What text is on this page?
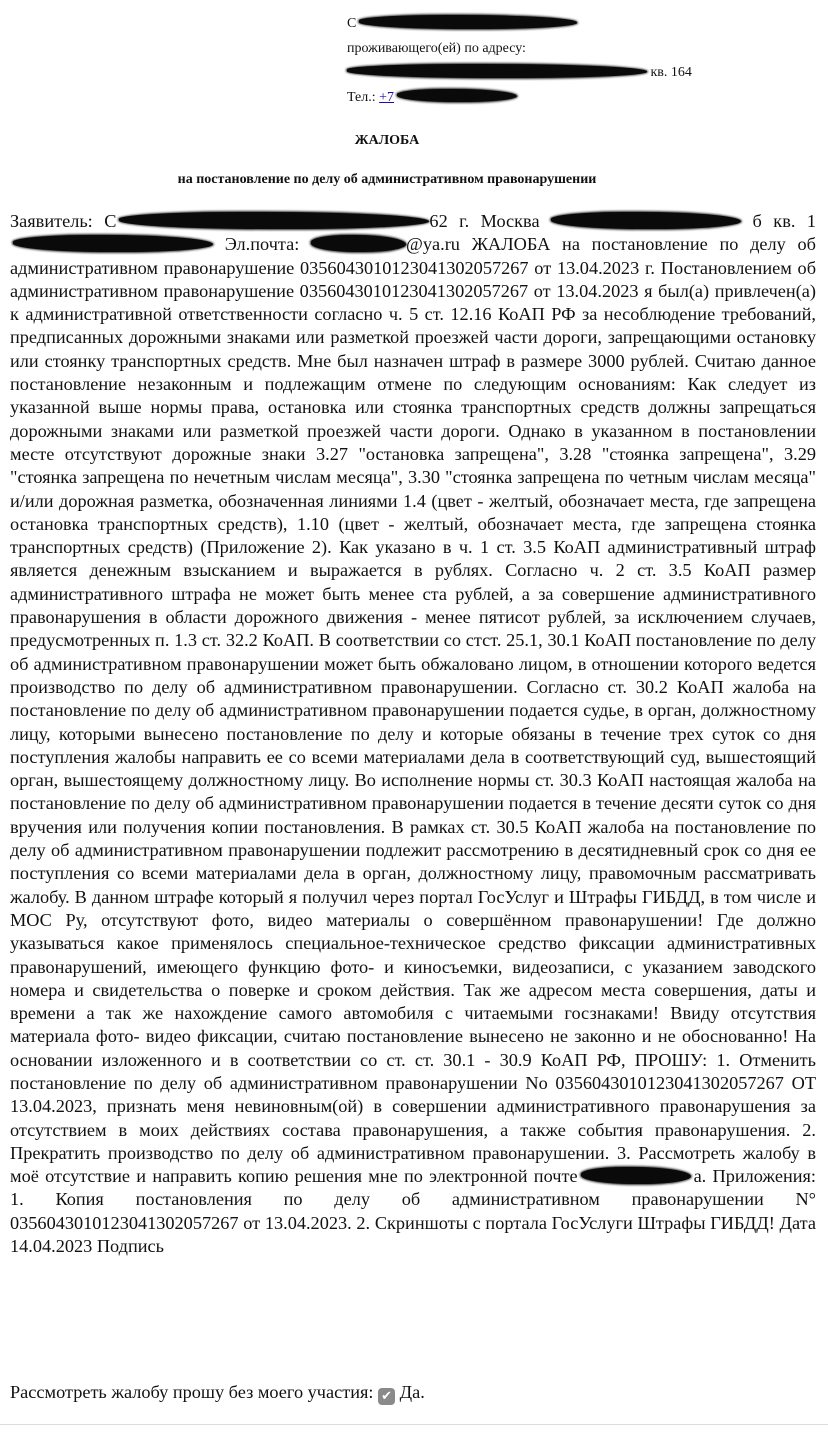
С
проживающего(ей) по адресу:
кв. 164
Тел.: +7
ЖАЛОБА
на постановление по делу об административном правонарушении
Заявитель: С	62 г. Москва	б кв. 1 Эл.почта:	@ya.ru ЖАЛОБА на постановление по делу об административном правонарушение 0356043010123041302057267 от 13.04.2023 г. Постановлением об административном правонарушение 0356043010123041302057267 от 13.04.2023 я был(а) привлечен(а) к административной ответственности согласно ч. 5 ст. 12.16 КоАП РФ за несоблюдение требований, предписанных дорожными знаками или разметкой проезжей части дороги, запрещающими остановку или стоянку транспортных средств. Мне был назначен штраф в размере 3000 рублей. Считаю данное постановление незаконным и подлежащим отмене по следующим основаниям: Как следует из указанной выше нормы права, остановка или стоянка транспортных средств должны запрещаться дорожными знаками или разметкой проезжей части дороги. Однако в указанном в постановлении месте отсутствуют дорожные знаки 3.27 "остановка запрещена", 3.28 "стоянка запрещена", 3.29 "стоянка запрещена по нечетным числам месяца", 3.30 "стоянка запрещена по четным числам месяца" и/или дорожная разметка, обозначенная линиями 1.4 (цвет - желтый, обозначает места, где запрещена остановка транспортных средств), 1.10 (цвет - желтый, обозначает места, где запрещена стоянка транспортных средств) (Приложение 2). Как указано в ч. 1 ст. 3.5 КоАП административный штраф является денежным взысканием и выражается в рублях. Согласно ч. 2 ст. 3.5 КоАП размер административного штрафа не может быть менее ста рублей, а за совершение административного правонарушения в области дорожного движения - менее пятисот рублей, за исключением случаев, предусмотренных п. 1.3 ст. 32.2 КоАП. В соответствии со стст. 25.1, 30.1 КоАП постановление по делу об административном правонарушении может быть обжаловано лицом, в отношении которого ведется производство по делу об административном правонарушении. Согласно ст. 30.2 КоАП жалоба на постановление по делу об административном правонарушении подается судье, в орган, должностному лицу, которыми вынесено постановление по делу и которые обязаны в течение трех суток со дня поступления жалобы направить ее со всеми материалами дела в соответствующий суд, вышестоящий орган, вышестоящему должностному лицу. Во исполнение нормы ст. 30.3 КоАП настоящая жалоба на постановление по делу об административном правонарушении подается в течение десяти суток со дня вручения или получения копии постановления. В рамках ст. 30.5 КоАП жалоба на постановление по делу об административном правонарушении подлежит рассмотрению в десятидневный срок со дня ее поступления со всеми материалами дела в орган, должностному лицу, правомочным рассматривать жалобу. В данном штрафе который я получил через портал ГосУслуг и Штрафы ГИБДД, в том числе и МОС Ру, отсутствуют фото, видео материалы о совершённом правонарушении! Где должно указываться какое применялось специальное-техническое средство фиксации административных правонарушений, имеющего функцию фото- и киносъемки, видеозаписи, с указанием заводского номера и свидетельства о поверке и сроком действия. Так же адресом места совершения, даты и времени а так же нахождение самого автомобиля с читаемыми госзнаками! Ввиду отсутствия материала фото- видео фиксации, считаю постановление вынесено не законно и не обоснованно! На основании изложенного и в соответствии со ст. ст. 30.1 - 30.9 КоАП РФ, ПРОШУ: 1. Отменить постановление по делу об административном правонарушении No 0356043010123041302057267 ОТ 13.04.2023, признать меня невиновным(ой) в совершении административного правонарушения за отсутствием в моих действиях состава правонарушения, а также события правонарушения. 2. Прекратить производство по делу об административном правонарушении. 3. Рассмотреть жалобу в моё отсутствие и направить копию решения мне по электронной почте	a. Приложения: 1. Копия постановления по делу об административном правонарушении N° 0356043010123041302057267 от 13.04.2023. 2. Скриншоты с портала ГосУслуги Штрафы ГИБДД! Дата 14.04.2023 Подпись
Рассмотреть жалобу прошу без моего участия: ✔ Да.
